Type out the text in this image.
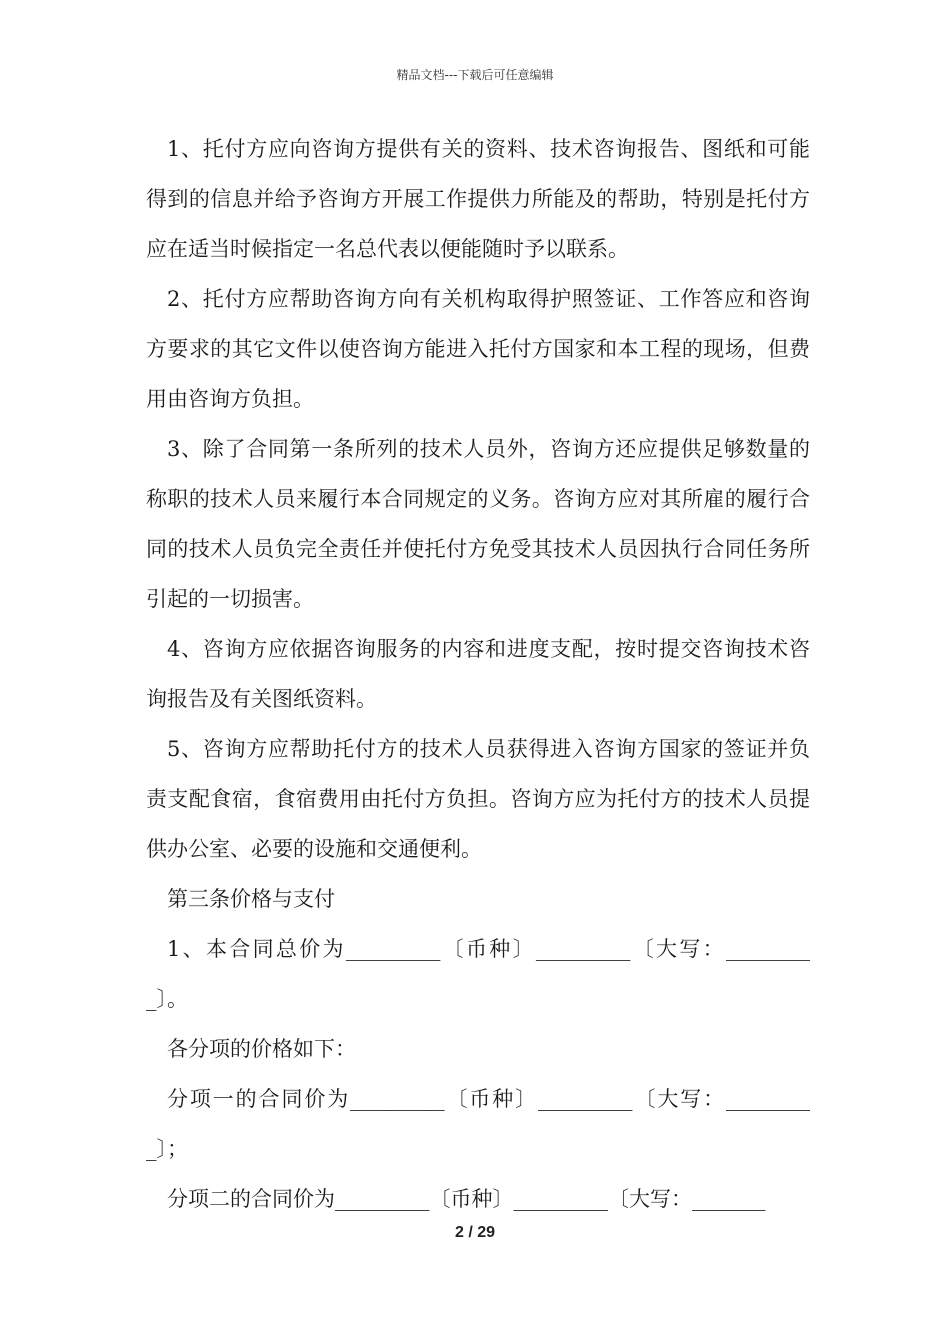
精品文档---下载后可任意编辑

1、托付方应向咨询方提供有关的资料、技术咨询报告、图纸和可能得到的信息并给予咨询方开展工作提供力所能及的帮助，特别是托付方应在适当时候指定一名总代表以便能随时予以联系。

2、托付方应帮助咨询方向有关机构取得护照签证、工作答应和咨询方要求的其它文件以使咨询方能进入托付方国家和本工程的现场，但费用由咨询方负担。

3、除了合同第一条所列的技术人员外，咨询方还应提供足够数量的称职的技术人员来履行本合同规定的义务。咨询方应对其所雇的履行合同的技术人员负完全责任并使托付方免受其技术人员因执行合同任务所引起的一切损害。

4、咨询方应依据咨询服务的内容和进度支配，按时提交咨询技术咨询报告及有关图纸资料。

5、咨询方应帮助托付方的技术人员获得进入咨询方国家的签证并负责支配食宿，食宿费用由托付方负担。咨询方应为托付方的技术人员提供办公室、必要的设施和交通便利。

第三条价格与支付

1、本合同总价为_________〔币种〕_________〔大写：_________〕。

各分项的价格如下：

分项一的合同价为_________〔币种〕_________〔大写：_________〕；

分项二的合同价为_________〔币种〕_________〔大写：_______

2 / 29
